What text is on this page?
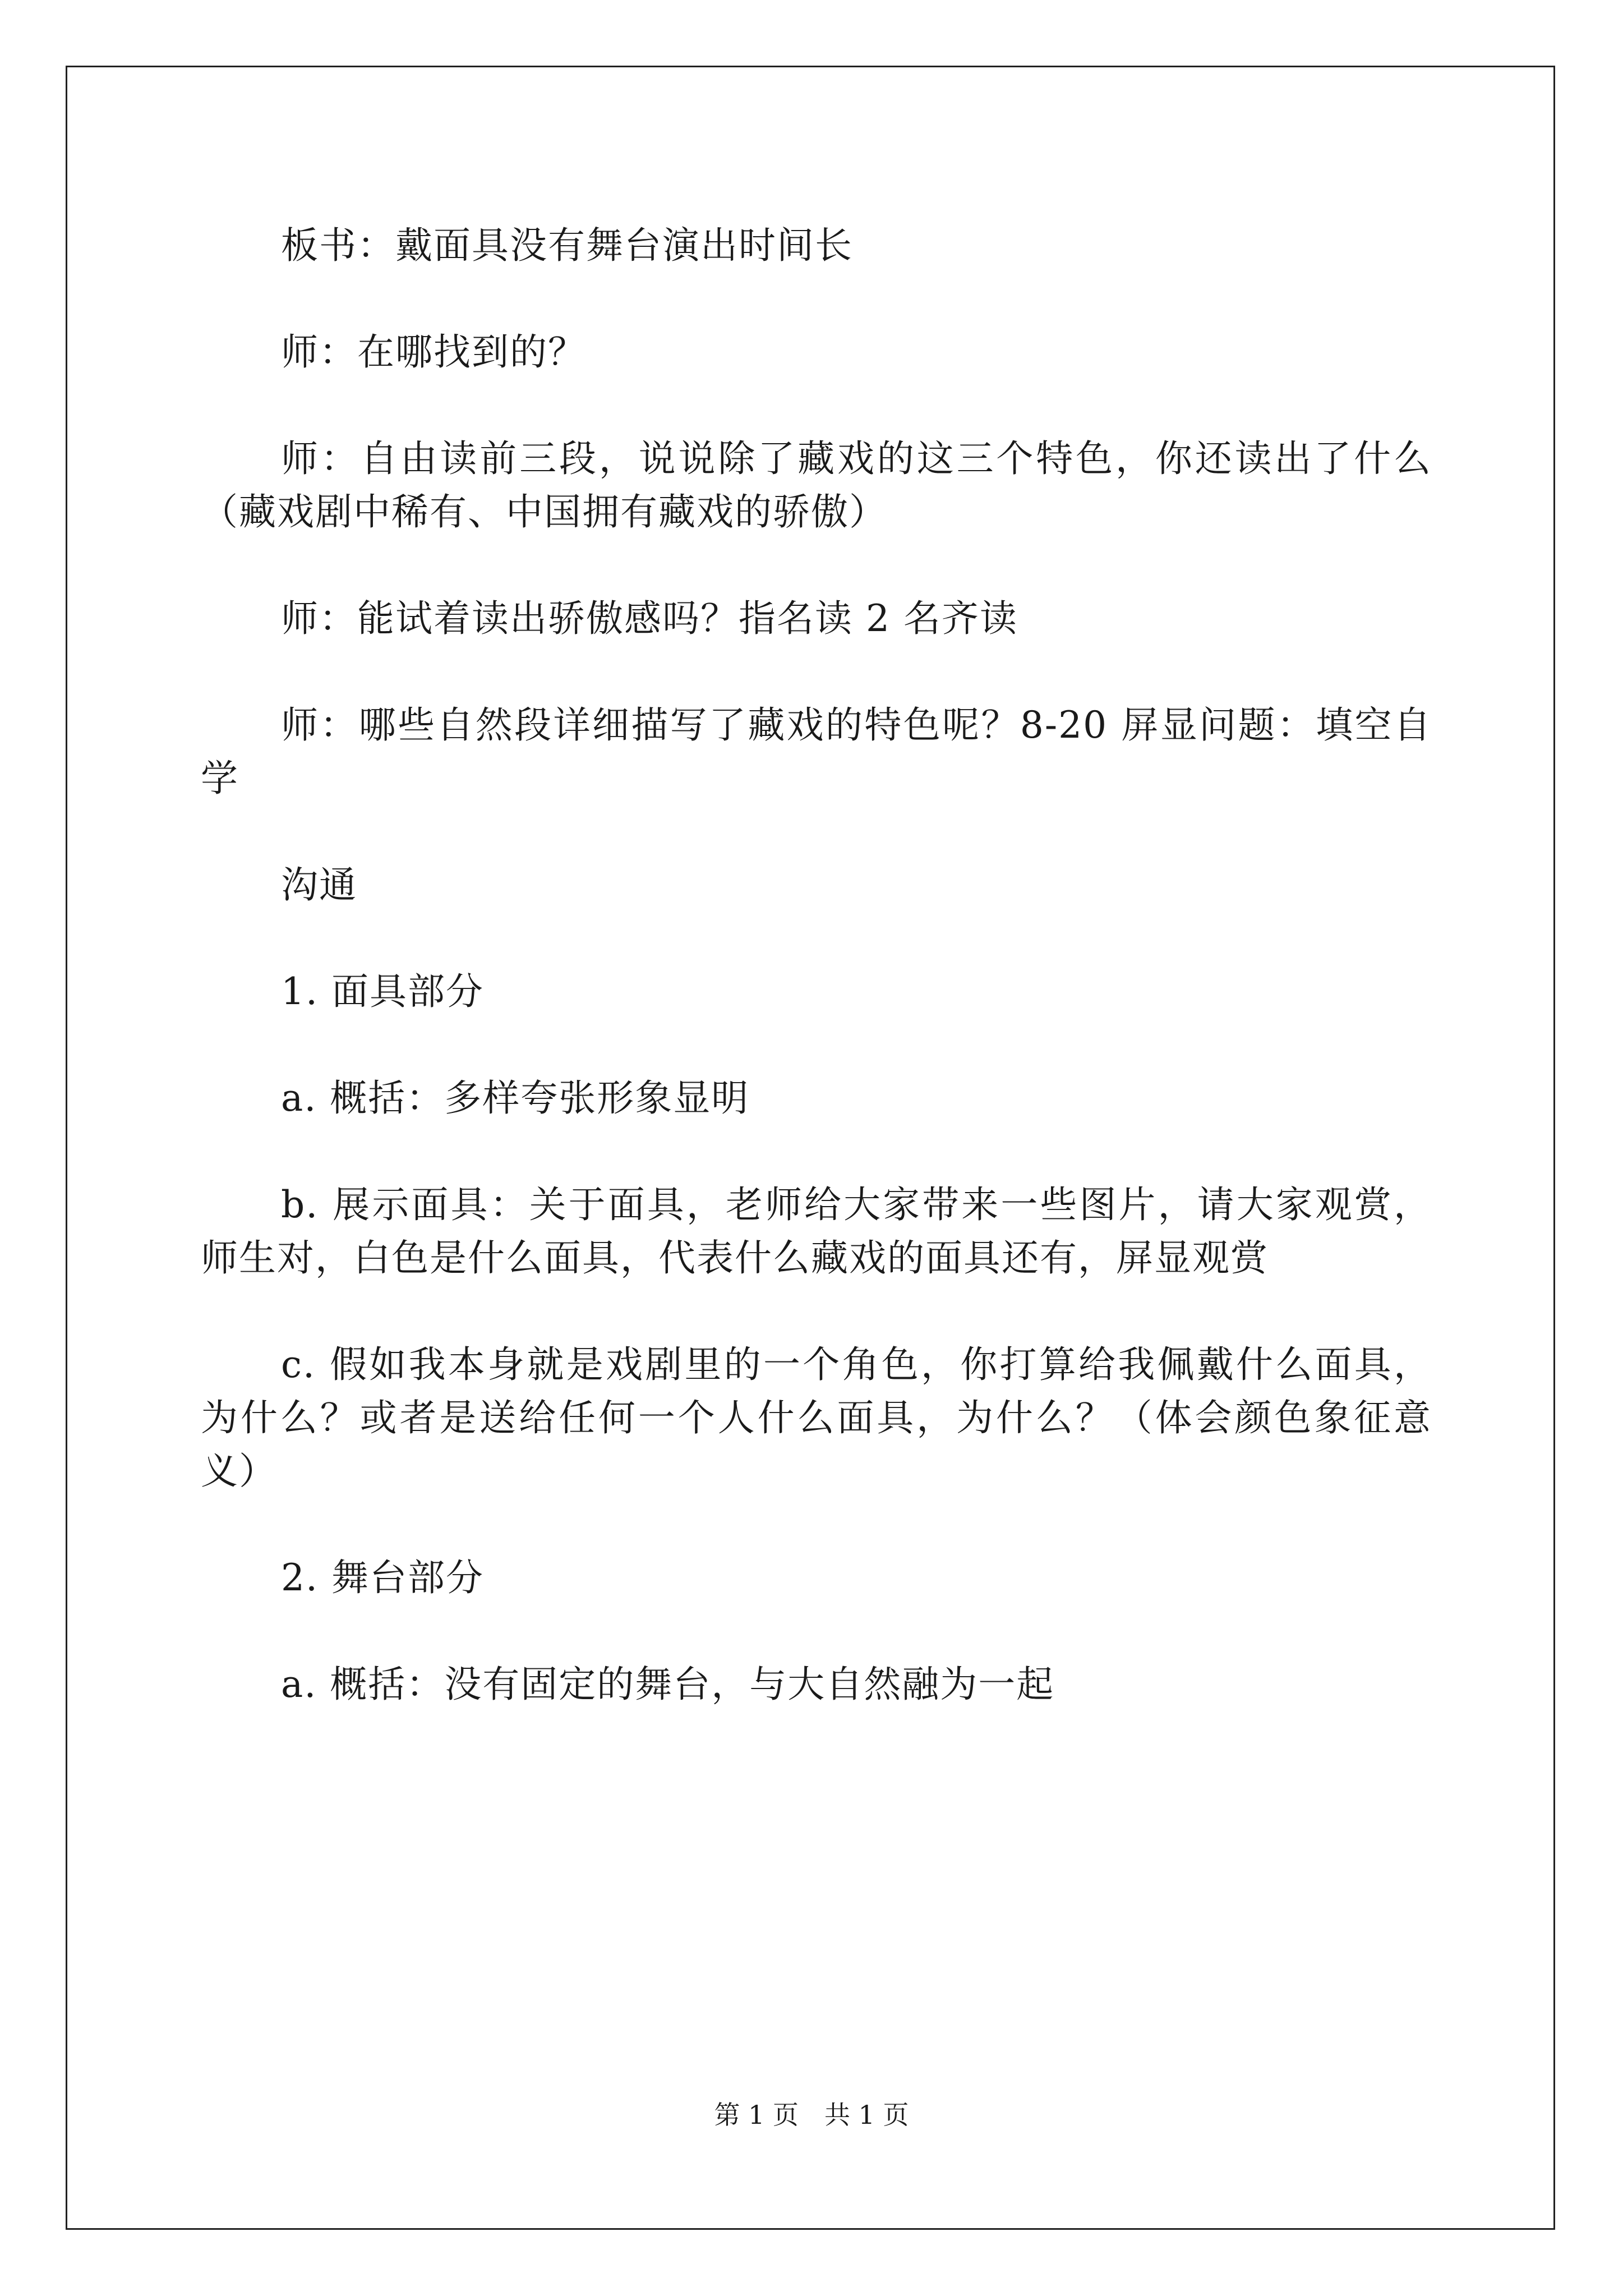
板书：戴面具没有舞台演出时间长

师：在哪找到的？

师：自由读前三段，说说除了藏戏的这三个特色，你还读出了什么（藏戏剧中稀有、中国拥有藏戏的骄傲）

师：能试着读出骄傲感吗？指名读 2 名齐读

师：哪些自然段详细描写了藏戏的特色呢？8-20 屏显问题：填空自学

沟通

1. 面具部分

a. 概括：多样夸张形象显明

b. 展示面具：关于面具，老师给大家带来一些图片，请大家观赏，师生对，白色是什么面具，代表什么藏戏的面具还有，屏显观赏

c. 假如我本身就是戏剧里的一个角色，你打算给我佩戴什么面具，为什么？或者是送给任何一个人什么面具，为什么？（体会颜色象征意义）

2. 舞台部分

a. 概括：没有固定的舞台，与大自然融为一起

第 1 页 共 1 页
